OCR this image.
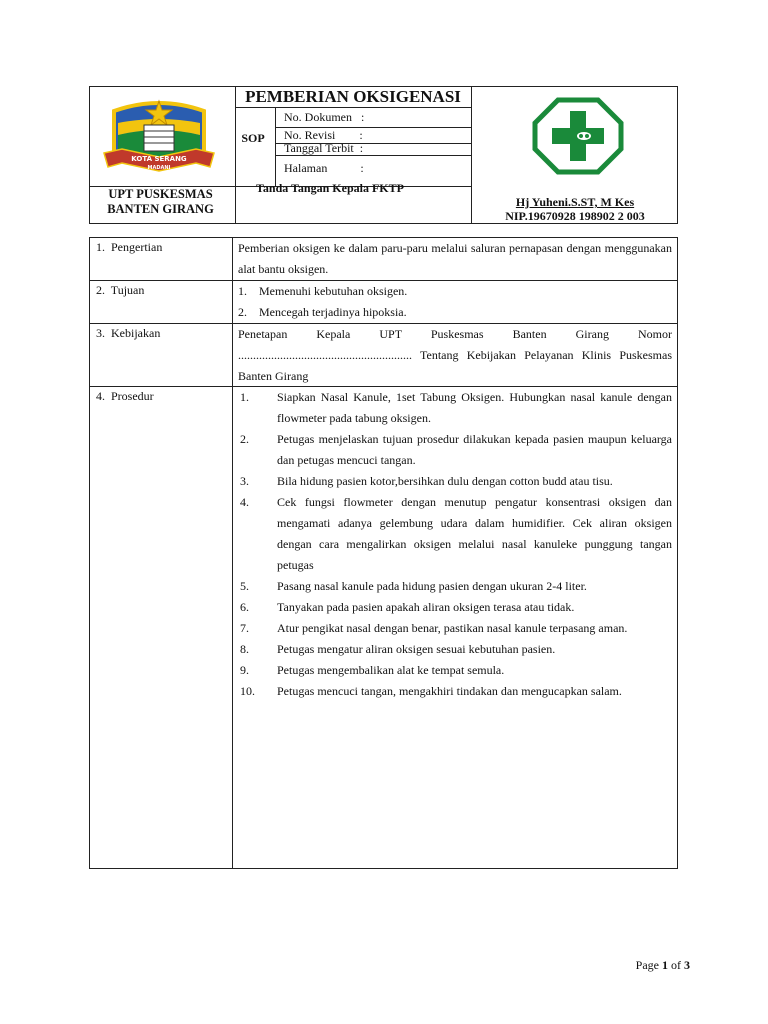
KOTA SERANG
MADANI
PEMBERIAN OKSIGENASI
SOP
No. Dokumen   :
No. Revisi        :
Tanggal Terbit  :
Halaman           :
UPT PUSKESMAS
BANTEN GIRANG
Tanda Tangan Kepala FKTP
Hj Yuheni.S.ST, M Kes
NIP.19670928 198902 2 003
1.  Pengertian	Pemberian oksigen ke dalam paru-paru melalui saluran pernapasan dengan menggunakan alat bantu oksigen.
2.  Tujuan	1. Memenuhi kebutuhan oksigen.
2. Mencegah terjadinya hipoksia.
3.  Kebijakan	Penetapan Kepala UPT Puskesmas Banten Girang Nomor .......................................................... Tentang Kebijakan Pelayanan Klinis Puskesmas Banten Girang
4.  Prosedur	1. Siapkan Nasal Kanule, 1set Tabung Oksigen. Hubungkan nasal kanule dengan flowmeter pada tabung oksigen.
2. Petugas menjelaskan tujuan prosedur dilakukan kepada pasien maupun keluarga dan petugas mencuci tangan.
3. Bila hidung pasien kotor,bersihkan dulu dengan cotton budd atau tisu.
4. Cek fungsi flowmeter dengan menutup pengatur konsentrasi oksigen dan mengamati adanya gelembung udara dalam humidifier. Cek aliran oksigen dengan cara mengalirkan oksigen melalui nasal kanuleke punggung tangan petugas
5. Pasang nasal kanule pada hidung pasien dengan ukuran 2-4 liter.
6. Tanyakan pada pasien apakah aliran oksigen terasa atau tidak.
7. Atur pengikat nasal dengan benar, pastikan nasal kanule terpasang aman.
8. Petugas mengatur aliran oksigen sesuai kebutuhan pasien.
9. Petugas mengembalikan alat ke tempat semula.
10. Petugas mencuci tangan, mengakhiri tindakan dan mengucapkan salam.
Page 1 of 3
